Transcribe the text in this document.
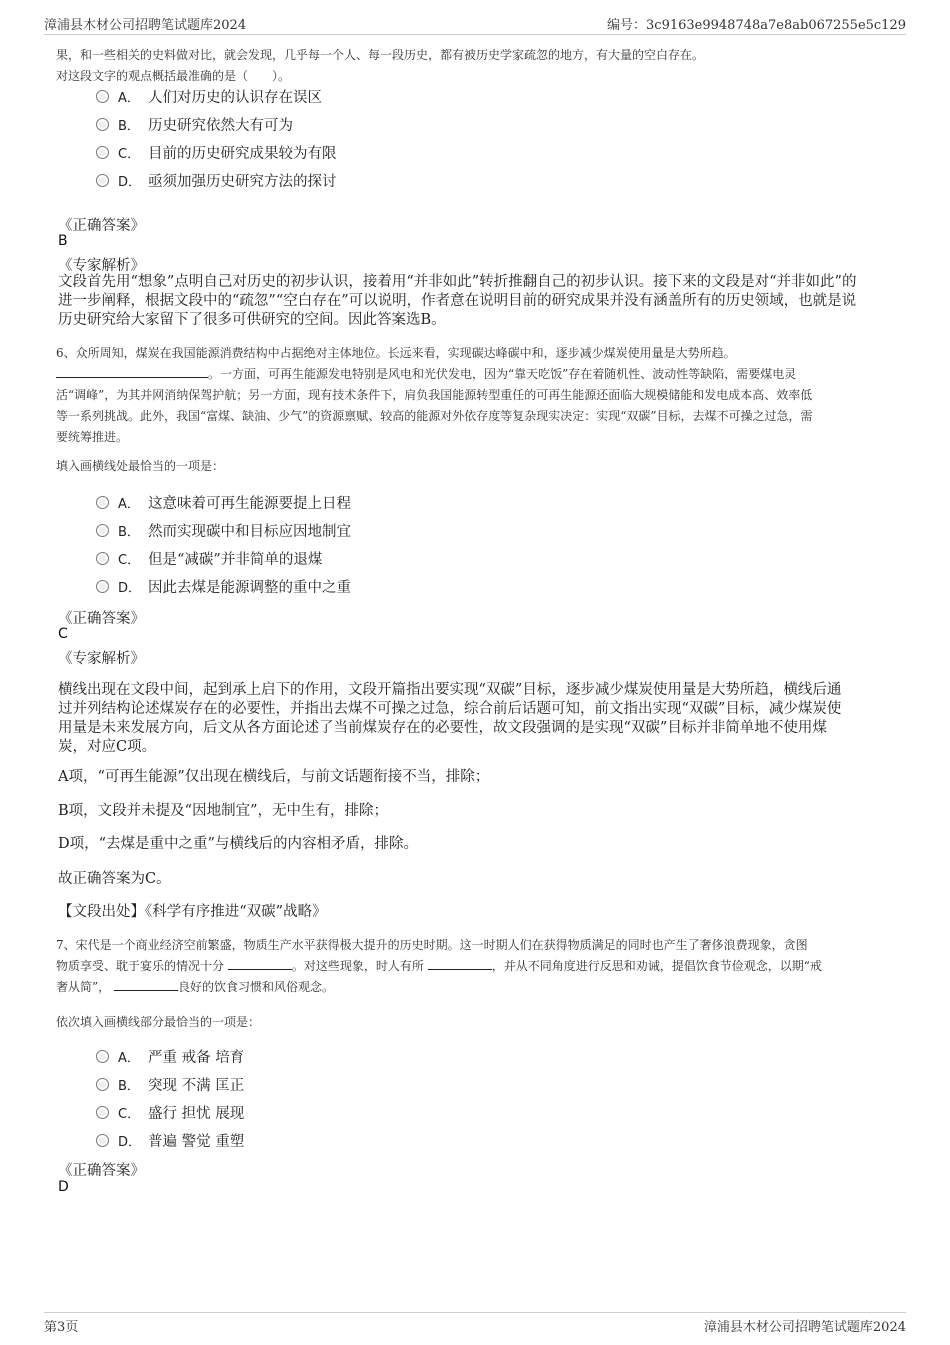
漳浦县木材公司招聘笔试题库2024	编号：3c9163e9948748a7e8ab067255e5c129
果，和一些相关的史料做对比，就会发现，几乎每一个人、每一段历史，都有被历史学家疏忽的地方，有大量的空白存在。
对这段文字的观点概括最准确的是（　　）。
A． 人们对历史的认识存在误区
B． 历史研究依然大有可为
C． 目前的历史研究成果较为有限
D． 亟须加强历史研究方法的探讨
《正确答案》
B
《专家解析》
文段首先用“想象”点明自己对历史的初步认识，接着用“并非如此”转折推翻自己的初步认识。接下来的文段是对“并非如此”的
进一步阐释，根据文段中的“疏忽”“空白存在”可以说明，作者意在说明目前的研究成果并没有涵盖所有的历史领域，也就是说
历史研究给大家留下了很多可供研究的空间。因此答案选B。
6、众所周知，煤炭在我国能源消费结构中占据绝对主体地位。长远来看，实现碳达峰碳中和，逐步减少煤炭使用量是大势所趋。
。一方面，可再生能源发电特别是风电和光伏发电，因为“靠天吃饭”存在着随机性、波动性等缺陷，需要煤电灵
活“调峰”，为其并网消纳保驾护航；另一方面，现有技术条件下，肩负我国能源转型重任的可再生能源还面临大规模储能和发电成本高、效率低
等一系列挑战。此外，我国“富煤、缺油、少气”的资源禀赋、较高的能源对外依存度等复杂现实决定：实现“双碳”目标，去煤不可操之过急，需
要统筹推进。
填入画横线处最恰当的一项是：
A． 这意味着可再生能源要提上日程
B． 然而实现碳中和目标应因地制宜
C． 但是“减碳”并非简单的退煤
D． 因此去煤是能源调整的重中之重
《正确答案》
C
《专家解析》
横线出现在文段中间，起到承上启下的作用，文段开篇指出要实现“双碳”目标，逐步减少煤炭使用量是大势所趋，横线后通
过并列结构论述煤炭存在的必要性，并指出去煤不可操之过急，综合前后话题可知，前文指出实现“双碳”目标，减少煤炭使
用量是未来发展方向，后文从各方面论述了当前煤炭存在的必要性，故文段强调的是实现“双碳”目标并非简单地不使用煤
炭，对应C项。
A项，“可再生能源”仅出现在横线后，与前文话题衔接不当，排除；
B项，文段并未提及“因地制宜”，无中生有，排除；
D项，“去煤是重中之重”与横线后的内容相矛盾，排除。
故正确答案为C。
【文段出处】《科学有序推进“双碳”战略》
7、宋代是一个商业经济空前繁盛，物质生产水平获得极大提升的历史时期。这一时期人们在获得物质满足的同时也产生了奢侈浪费现象，贪图
物质享受、耽于宴乐的情况十分	。对这些现象，时人有所	，并从不同角度进行反思和劝诫，提倡饮食节俭观念，以期“戒
奢从简”，	良好的饮食习惯和风俗观念。
依次填入画横线部分最恰当的一项是：
A． 严重 戒备 培育
B． 突现 不满 匡正
C． 盛行 担忧 展现
D． 普遍 警觉 重塑
《正确答案》
D
第3页	漳浦县木材公司招聘笔试题库2024
